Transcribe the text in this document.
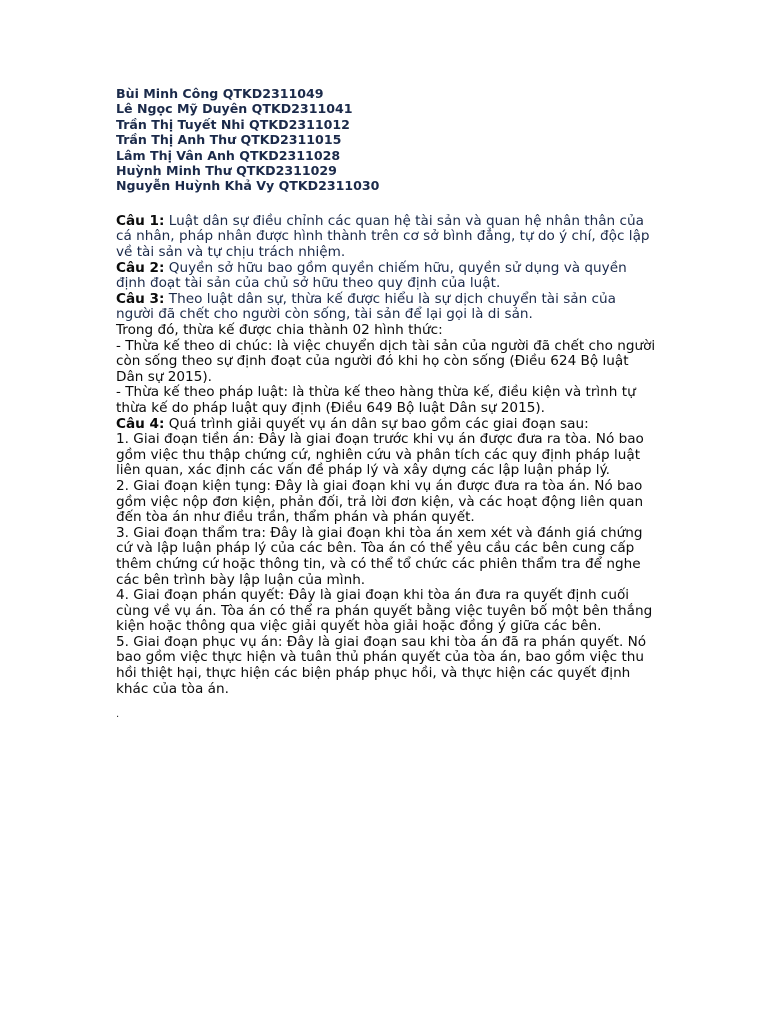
Bùi Minh Công QTKD2311049
Lê Ngọc Mỹ Duyên QTKD2311041
Trần Thị Tuyết Nhi QTKD2311012
Trần Thị Anh Thư QTKD2311015
Lâm Thị Vân Anh QTKD2311028
Huỳnh Minh Thư QTKD2311029
Nguyễn Huỳnh Khả Vy QTKD2311030

Câu 1: Luật dân sự điều chỉnh các quan hệ tài sản và quan hệ nhân thân của cá nhân, pháp nhân được hình thành trên cơ sở bình đẳng, tự do ý chí, độc lập về tài sản và tự chịu trách nhiệm.

Câu 2: Quyền sở hữu bao gồm quyền chiếm hữu, quyền sử dụng và quyền định đoạt tài sản của chủ sở hữu theo quy định của luật.

Câu 3: Theo luật dân sự, thừa kế được hiểu là sự dịch chuyển tài sản của người đã chết cho người còn sống, tài sản để lại gọi là di sản.

Trong đó, thừa kế được chia thành 02 hình thức:

- Thừa kế theo di chúc: là việc chuyển dịch tài sản của người đã chết cho người còn sống theo sự định đoạt của người đó khi họ còn sống (Điều 624 Bộ luật Dân sự 2015).

- Thừa kế theo pháp luật: là thừa kế theo hàng thừa kế, điều kiện và trình tự thừa kế do pháp luật quy định (Điều 649 Bộ luật Dân sự 2015).

Câu 4: Quá trình giải quyết vụ án dân sự bao gồm các giai đoạn sau:

1. Giai đoạn tiền án: Đây là giai đoạn trước khi vụ án được đưa ra tòa. Nó bao gồm việc thu thập chứng cứ, nghiên cứu và phân tích các quy định pháp luật liên quan, xác định các vấn đề pháp lý và xây dựng các lập luận pháp lý.

2. Giai đoạn kiện tụng: Đây là giai đoạn khi vụ án được đưa ra tòa án. Nó bao gồm việc nộp đơn kiện, phản đối, trả lời đơn kiện, và các hoạt động liên quan đến tòa án như điều trần, thẩm phán và phán quyết.

3. Giai đoạn thẩm tra: Đây là giai đoạn khi tòa án xem xét và đánh giá chứng cứ và lập luận pháp lý của các bên. Tòa án có thể yêu cầu các bên cung cấp thêm chứng cứ hoặc thông tin, và có thể tổ chức các phiên thẩm tra để nghe các bên trình bày lập luận của mình.

4. Giai đoạn phán quyết: Đây là giai đoạn khi tòa án đưa ra quyết định cuối cùng về vụ án. Tòa án có thể ra phán quyết bằng việc tuyên bố một bên thắng kiện hoặc thông qua việc giải quyết hòa giải hoặc đồng ý giữa các bên.

5. Giai đoạn phục vụ án: Đây là giai đoạn sau khi tòa án đã ra phán quyết. Nó bao gồm việc thực hiện và tuân thủ phán quyết của tòa án, bao gồm việc thu hồi thiệt hại, thực hiện các biện pháp phục hồi, và thực hiện các quyết định khác của tòa án.

.
